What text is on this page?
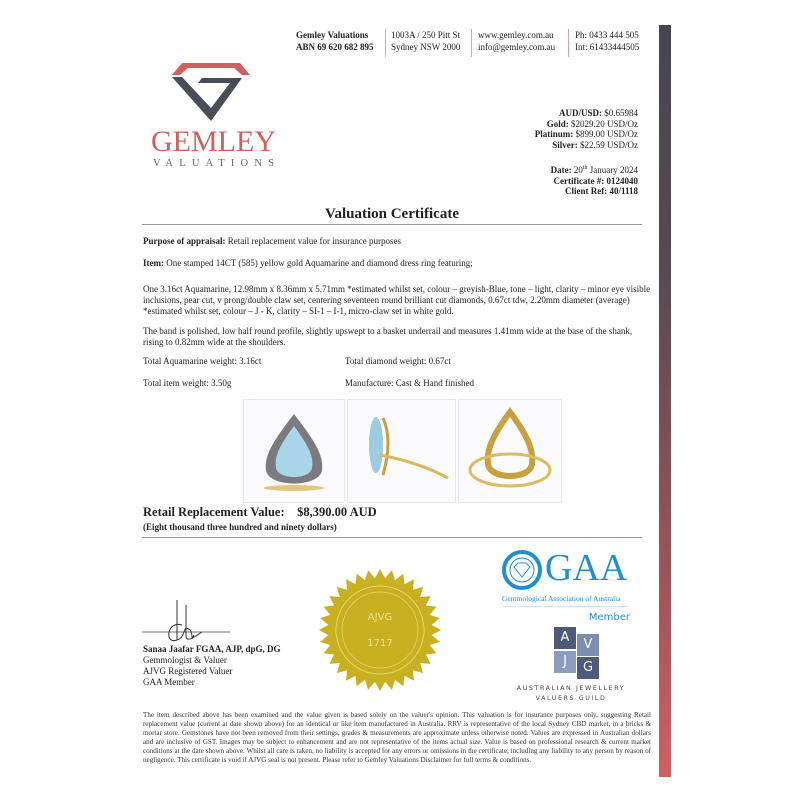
Gemley Valuations
ABN 69 620 682 895
1003A / 250 Pitt St
Sydney NSW 2000
www.gemley.com.au
info@gemley.com.au
Ph: 0433 444 505
Int: 61433444505
GEMLEY
VALUATIONS
AUD/USD: $0.65984
Gold: $2029.20 USD/Oz
Platinum: $899.00 USD/Oz
Silver: $22.59 USD/Oz
Date: 20th January 2024
Certificate #: 0124040
Client Ref: 40/1118
Valuation Certificate
Purpose of appraisal: Retail replacement value for insurance purposes
Item: One stamped 14CT (585) yellow gold Aquamarine and diamond dress ring featuring;
One 3.16ct Aquamarine, 12.98mm x 8.36mm x 5.71mm *estimated whilst set, colour – greyish-Blue, tone – light, clarity – minor eye visible inclusions, pear cut, v prong/double claw set, centering seventeen round brilliant cut diamonds, 0.67ct tdw, 2.20mm diameter (average) *estimated whilst set, colour – J - K, clarity – SI-1 – I-1, micro-claw set in white gold.
The band is polished, low half round profile, slightly upswept to a basket underrail and measures 1.41mm wide at the base of the shank, rising to 0.82mm wide at the shoulders.
Total Aquamarine weight: 3.16ct	Total diamond weight: 0.67ct
Total item weight: 3.50g	Manufacture: Cast & Hand finished
Retail Replacement Value: $8,390.00 AUD
(Eight thousand three hundred and ninety dollars)
Sanaa Jaafar FGAA, AJP, dpG, DG
Gemmologist & Valuer
AJVG Registered Valuer
GAA Member
AJVG
1717
GAA
Gemmological Association of Australia
Member
A	V
J	G
AUSTRALIAN JEWELLERY
VALUERS GUILD
The item described above has been examined and the value given is based solely on the valuer's opinion. This valuation is for insurance purposes only, suggesting Retail replacement value (current at date shown above) for an identical or like item manufactured in Australia. RRV is representative of the local Sydney CBD market, in a bricks & mortar store. Gemstones have not been removed from their settings, grades & measurements are approximate unless otherwise noted. Values are expressed in Australian dollars and are inclusive of GST. Images may be subject to enhancement and are not representative of the items actual size. Value is based on professional research & current market conditions at the date shown above. Whilst all care is taken, no liability is accepted for any errors or omissions in the certificate, including any liability to any person by reason of negligence. This certificate is void if AJVG seal is not present. Please refer to Gemley Valuations Disclaimer for full terms & conditions.
